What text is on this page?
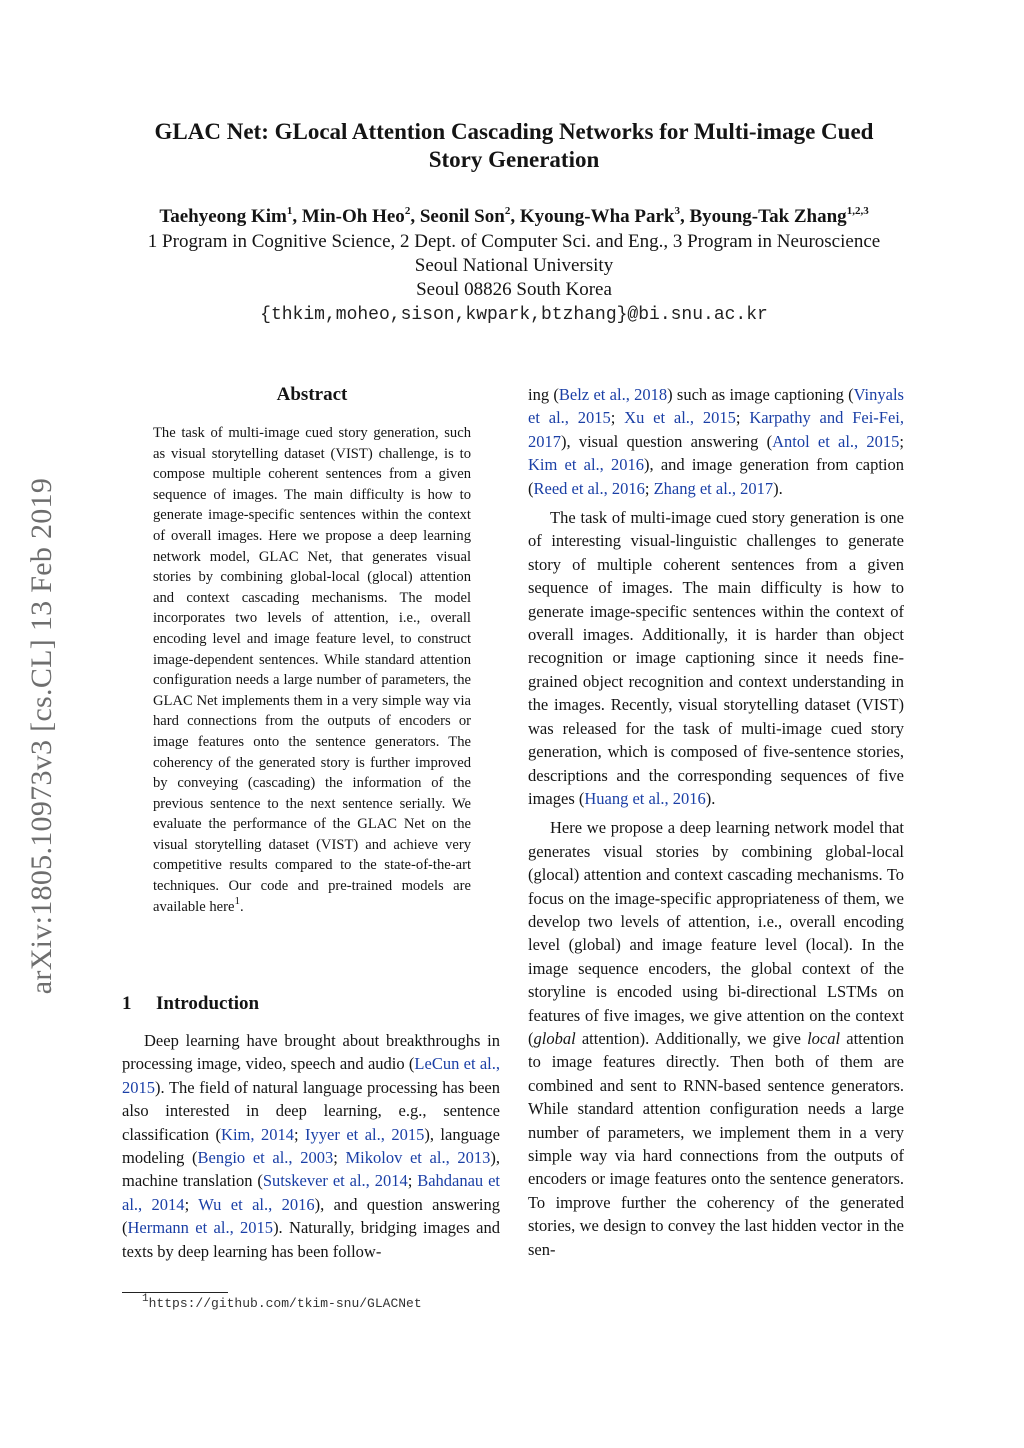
arXiv:1805.10973v3 [cs.CL] 13 Feb 2019
GLAC Net: GLocal Attention Cascading Networks for Multi-image Cued
Story Generation
Taehyeong Kim$^1$, Min-Oh Heo$^2$, Seonil Son$^2$, Kyoung-Wha Park$^3$, Byoung-Tak Zhang$^{1,2,3}$
1 Program in Cognitive Science, 2 Dept. of Computer Sci. and Eng., 3 Program in Neuroscience
Seoul National University
Seoul 08826 South Korea
{thkim,moheo,sison,kwpark,btzhang}@bi.snu.ac.kr
Abstract
The task of multi-image cued story generation, such as visual storytelling dataset (VIST) challenge, is to compose multiple coherent sentences from a given sequence of images. The main difficulty is how to generate image-specific sentences within the context of overall images. Here we propose a deep learning network model, GLAC Net, that generates visual stories by combining global-local (glocal) attention and context cascading mechanisms. The model incorporates two levels of attention, i.e., overall encoding level and image feature level, to construct image-dependent sentences. While standard attention configuration needs a large number of parameters, the GLAC Net implements them in a very simple way via hard connections from the outputs of encoders or image features onto the sentence generators. The coherency of the generated story is further improved by conveying (cascading) the information of the previous sentence to the next sentence serially. We evaluate the performance of the GLAC Net on the visual storytelling dataset (VIST) and achieve very competitive results compared to the state-of-the-art techniques. Our code and pre-trained models are available here$^1$.
1 Introduction

Deep learning have brought about breakthroughs in processing image, video, speech and audio (LeCun et al., 2015). The field of natural language processing has been also interested in deep learning, e.g., sentence classification (Kim, 2014; Iyyer et al., 2015), language modeling (Bengio et al., 2003; Mikolov et al., 2013), machine translation (Sutskever et al., 2014; Bahdanau et al., 2014; Wu et al., 2016), and question answering (Hermann et al., 2015). Naturally, bridging images and texts by deep learning has been follow-

$^1$https://github.com/tkim-snu/GLACNet

ing (Belz et al., 2018) such as image captioning (Vinyals et al., 2015; Xu et al., 2015; Karpathy and Fei-Fei, 2017), visual question answering (Antol et al., 2015; Kim et al., 2016), and image generation from caption (Reed et al., 2016; Zhang et al., 2017).

The task of multi-image cued story generation is one of interesting visual-linguistic challenges to generate story of multiple coherent sentences from a given sequence of images. The main difficulty is how to generate image-specific sentences within the context of overall images. Additionally, it is harder than object recognition or image captioning since it needs fine-grained object recognition and context understanding in the images. Recently, visual storytelling dataset (VIST) was released for the task of multi-image cued story generation, which is composed of five-sentence stories, descriptions and the corresponding sequences of five images (Huang et al., 2016).

Here we propose a deep learning network model that generates visual stories by combining global-local (glocal) attention and context cascading mechanisms. To focus on the image-specific appropriateness of them, we develop two levels of attention, i.e., overall encoding level (global) and image feature level (local). In the image sequence encoders, the global context of the storyline is encoded using bi-directional LSTMs on features of five images, we give attention on the context (global attention). Additionally, we give local attention to image features directly. Then both of them are combined and sent to RNN-based sentence generators. While standard attention configuration needs a large number of parameters, we implement them in a very simple way via hard connections from the outputs of encoders or image features onto the sentence generators. To improve further the coherency of the generated stories, we design to convey the last hidden vector in the sen-
